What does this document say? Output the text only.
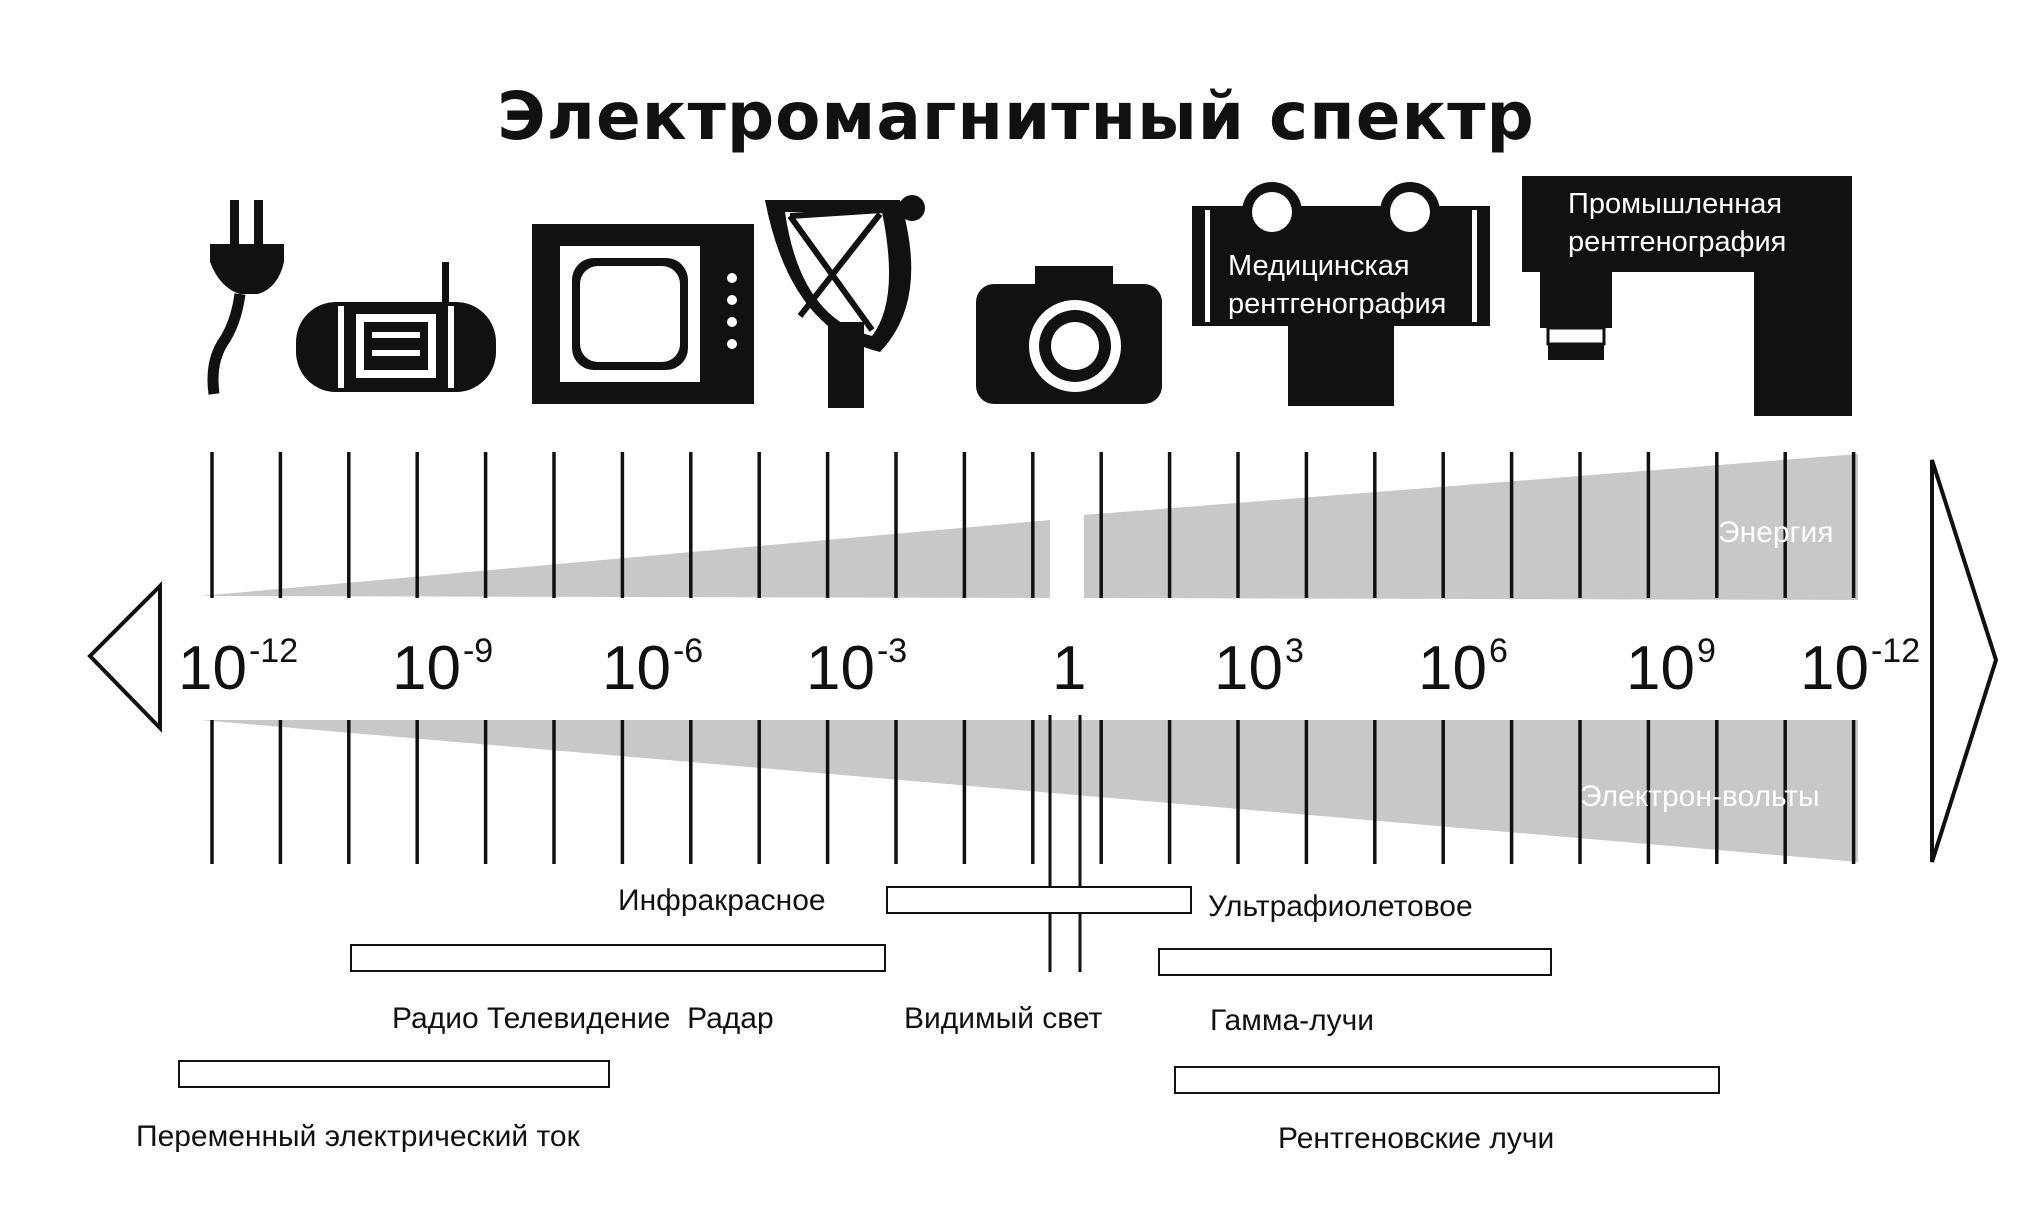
Электромагнитный спектр
Медицинская
рентгенография
Промышленная
рентгенография
Энергия
Электрон-вольты
$10^{-12}$ $10^{-9}$ $10^{-6}$ $10^{-3}$ 1 $10^3$ $10^6$ $10^9$ $10^{-12}$
Инфракрасное	Ультрафиолетовое
Радио Телевидение  Радар	Видимый свет	Гамма-лучи
Переменный электрический ток	Рентгеновские лучи
